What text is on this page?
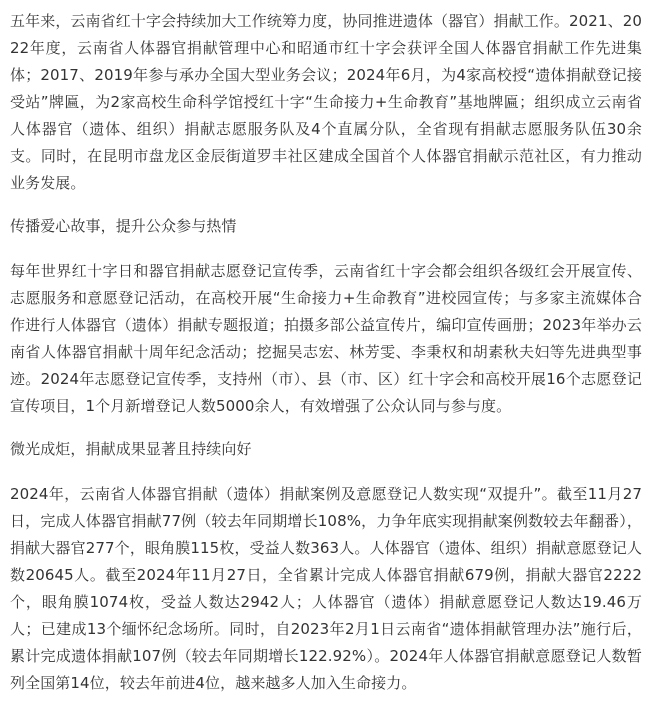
五年来，云南省红十字会持续加大工作统筹力度，协同推进遗体（器官）捐献工作。2021、2022年度，云南省人体器官捐献管理中心和昭通市红十字会获评全国人体器官捐献工作先进集体；2017、2019年参与承办全国大型业务会议；2024年6月，为4家高校授“遗体捐献登记接受站”牌匾，为2家高校生命科学馆授红十字“生命接力+生命教育”基地牌匾；组织成立云南省人体器官（遗体、组织）捐献志愿服务队及4个直属分队，全省现有捐献志愿服务队伍30余支。同时，在昆明市盘龙区金辰街道罗丰社区建成全国首个人体器官捐献示范社区，有力推动业务发展。

传播爱心故事，提升公众参与热情

每年世界红十字日和器官捐献志愿登记宣传季，云南省红十字会都会组织各级红会开展宣传、志愿服务和意愿登记活动，在高校开展“生命接力+生命教育”进校园宣传；与多家主流媒体合作进行人体器官（遗体）捐献专题报道；拍摄多部公益宣传片，编印宣传画册；2023年举办云南省人体器官捐献十周年纪念活动；挖掘吴志宏、林芳雯、李秉权和胡素秋夫妇等先进典型事迹。2024年志愿登记宣传季，支持州（市）、县（市、区）红十字会和高校开展16个志愿登记宣传项目，1个月新增登记人数5000余人，有效增强了公众认同与参与度。

微光成炬，捐献成果显著且持续向好

2024年，云南省人体器官捐献（遗体）捐献案例及意愿登记人数实现“双提升”。截至11月27日，完成人体器官捐献77例（较去年同期增长108%，力争年底实现捐献案例数较去年翻番），捐献大器官277个，眼角膜115枚，受益人数363人。人体器官（遗体、组织）捐献意愿登记人数20645人。截至2024年11月27日，全省累计完成人体器官捐献679例，捐献大器官2222个，眼角膜1074枚，受益人数达2942人；人体器官（遗体）捐献意愿登记人数达19.46万人；已建成13个缅怀纪念场所。同时，自2023年2月1日云南省“遗体捐献管理办法”施行后，累计完成遗体捐献107例（较去年同期增长122.92%）。2024年人体器官捐献意愿登记人数暂列全国第14位，较去年前进4位，越来越多人加入生命接力。
